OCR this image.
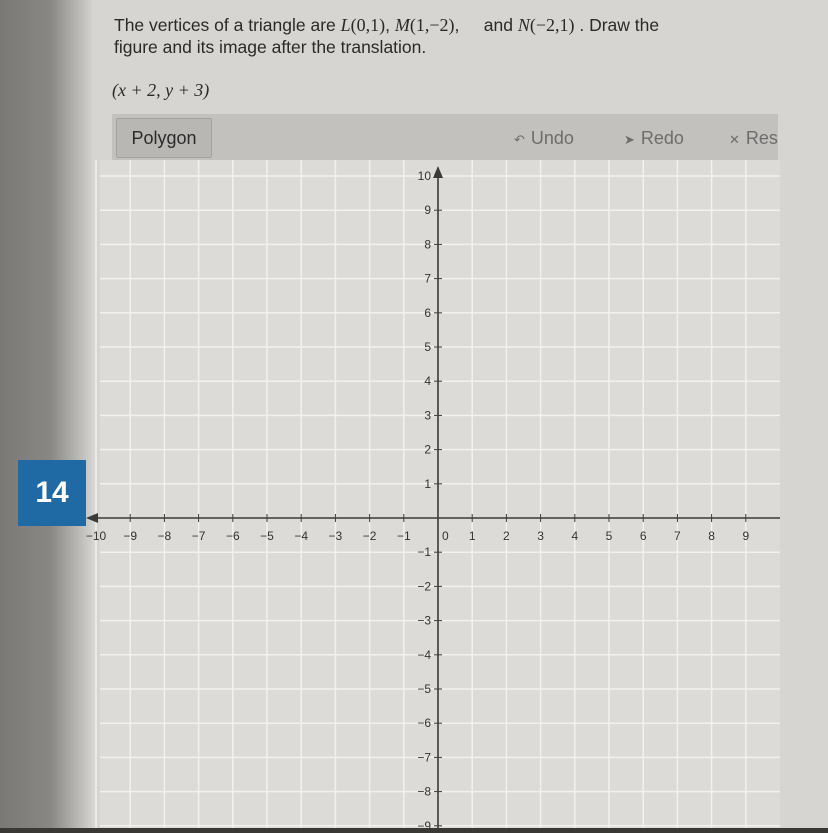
The vertices of a triangle are L(0,1), M(1,−2), and N(−2,1) . Draw the
figure and its image after the translation.
(x + 2, y + 3)
Polygon	↶ Undo	➤ Redo	✕ Res
−10 −9 −8 −7 −6 −5 −4 −3 −2 −1	1 2 3 4 5 6 7 8 9
10
9
8
7
6
5
4
3
2
1
−1
−2
−3
−4
−5
−6
−7
−8
−9
0
14
